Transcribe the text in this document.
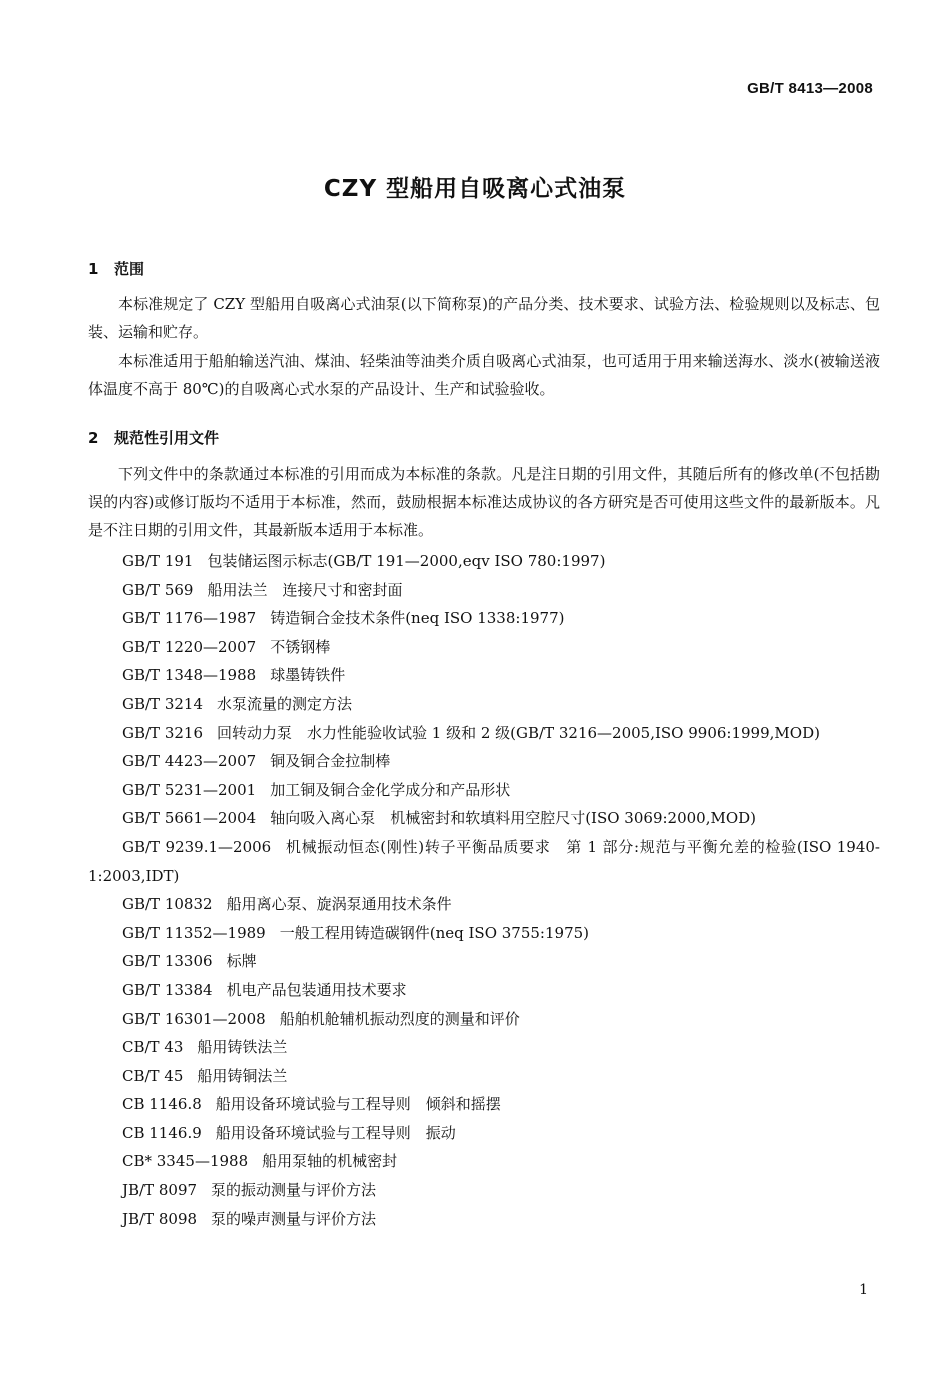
GB/T 8413—2008
CZY 型船用自吸离心式油泵
1 范围
本标准规定了 CZY 型船用自吸离心式油泵(以下简称泵)的产品分类、技术要求、试验方法、检验规则以及标志、包装、运输和贮存。
本标准适用于船舶输送汽油、煤油、轻柴油等油类介质自吸离心式油泵，也可适用于用来输送海水、淡水(被输送液体温度不高于 80℃)的自吸离心式水泵的产品设计、生产和试验验收。
2 规范性引用文件
下列文件中的条款通过本标准的引用而成为本标准的条款。凡是注日期的引用文件，其随后所有的修改单(不包括勘误的内容)或修订版均不适用于本标准，然而，鼓励根据本标准达成协议的各方研究是否可使用这些文件的最新版本。凡是不注日期的引用文件，其最新版本适用于本标准。
GB/T 191 包装储运图示标志(GB/T 191—2000,eqv ISO 780:1997)
GB/T 569 船用法兰　连接尺寸和密封面
GB/T 1176—1987 铸造铜合金技术条件(neq ISO 1338:1977)
GB/T 1220—2007 不锈钢棒
GB/T 1348—1988 球墨铸铁件
GB/T 3214 水泵流量的测定方法
GB/T 3216 回转动力泵　水力性能验收试验 1 级和 2 级(GB/T 3216—2005,ISO 9906:1999,MOD)
GB/T 4423—2007 铜及铜合金拉制棒
GB/T 5231—2001 加工铜及铜合金化学成分和产品形状
GB/T 5661—2004 轴向吸入离心泵　机械密封和软填料用空腔尺寸(ISO 3069:2000,MOD)
GB/T 9239.1—2006 机械振动恒态(刚性)转子平衡品质要求　第 1 部分:规范与平衡允差的检验(ISO 1940-1:2003,IDT)
GB/T 10832 船用离心泵、旋涡泵通用技术条件
GB/T 11352—1989 一般工程用铸造碳钢件(neq ISO 3755:1975)
GB/T 13306 标牌
GB/T 13384 机电产品包装通用技术要求
GB/T 16301—2008 船舶机舱辅机振动烈度的测量和评价
CB/T 43 船用铸铁法兰
CB/T 45 船用铸铜法兰
CB 1146.8 船用设备环境试验与工程导则　倾斜和摇摆
CB 1146.9 船用设备环境试验与工程导则　振动
CB* 3345—1988 船用泵轴的机械密封
JB/T 8097 泵的振动测量与评价方法
JB/T 8098 泵的噪声测量与评价方法
1
